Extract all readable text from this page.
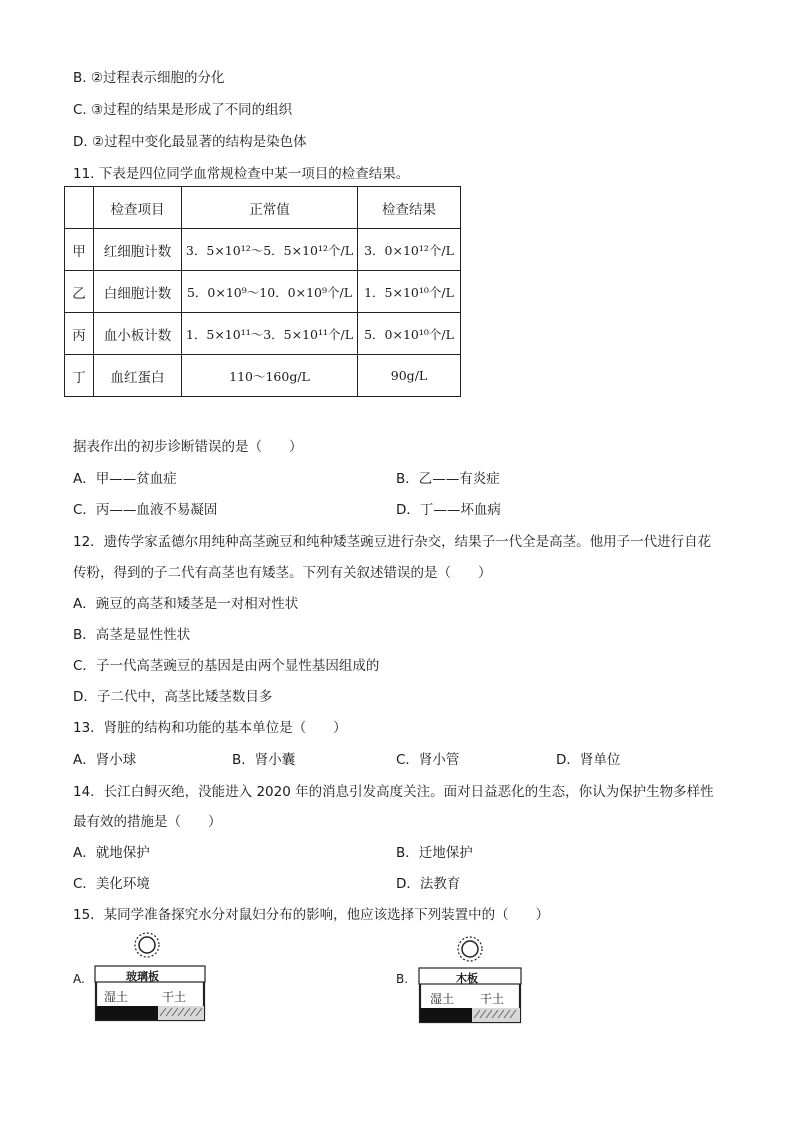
B. ②过程表示细胞的分化
C. ③过程的结果是形成了不同的组织
D. ②过程中变化最显著的结构是染色体
11. 下表是四位同学血常规检查中某一项目的检查结果。
	检查项目	正常值	检查结果
甲	红细胞计数	3．5×10¹²～5．5×10¹²个/L	3．0×10¹²个/L
乙	白细胞计数	5．0×10⁹～10．0×10⁹个/L	1．5×10¹⁰个/L
丙	血小板计数	1．5×10¹¹～3．5×10¹¹个/L	5．0×10¹⁰个/L
丁	血红蛋白	110～160g/L	90g/L
据表作出的初步诊断错误的是（　　）
A．甲——贫血症	B．乙——有炎症
C．丙——血液不易凝固	D．丁——坏血病
12．遗传学家孟德尔用纯种高茎豌豆和纯种矮茎豌豆进行杂交，结果子一代全是高茎。他用子一代进行自花
传粉，得到的子二代有高茎也有矮茎。下列有关叙述错误的是（　　）
A．豌豆的高茎和矮茎是一对相对性状
B．高茎是显性性状
C．子一代高茎豌豆的基因是由两个显性基因组成的
D．子二代中，高茎比矮茎数目多
13．肾脏的结构和功能的基本单位是（　　）
A．肾小球	B．肾小囊	C．肾小管	D．肾单位
14．长江白鲟灭绝，没能进入 2020 年的消息引发高度关注。面对日益恶化的生态，你认为保护生物多样性
最有效的措施是（　　）
A．就地保护	B．迁地保护
C．美化环境	D．法教育
15．某同学准备探究水分对鼠妇分布的影响，他应该选择下列装置中的（　　）
A.	玻璃板
湿土	干土
B.	木板
湿土 干土
